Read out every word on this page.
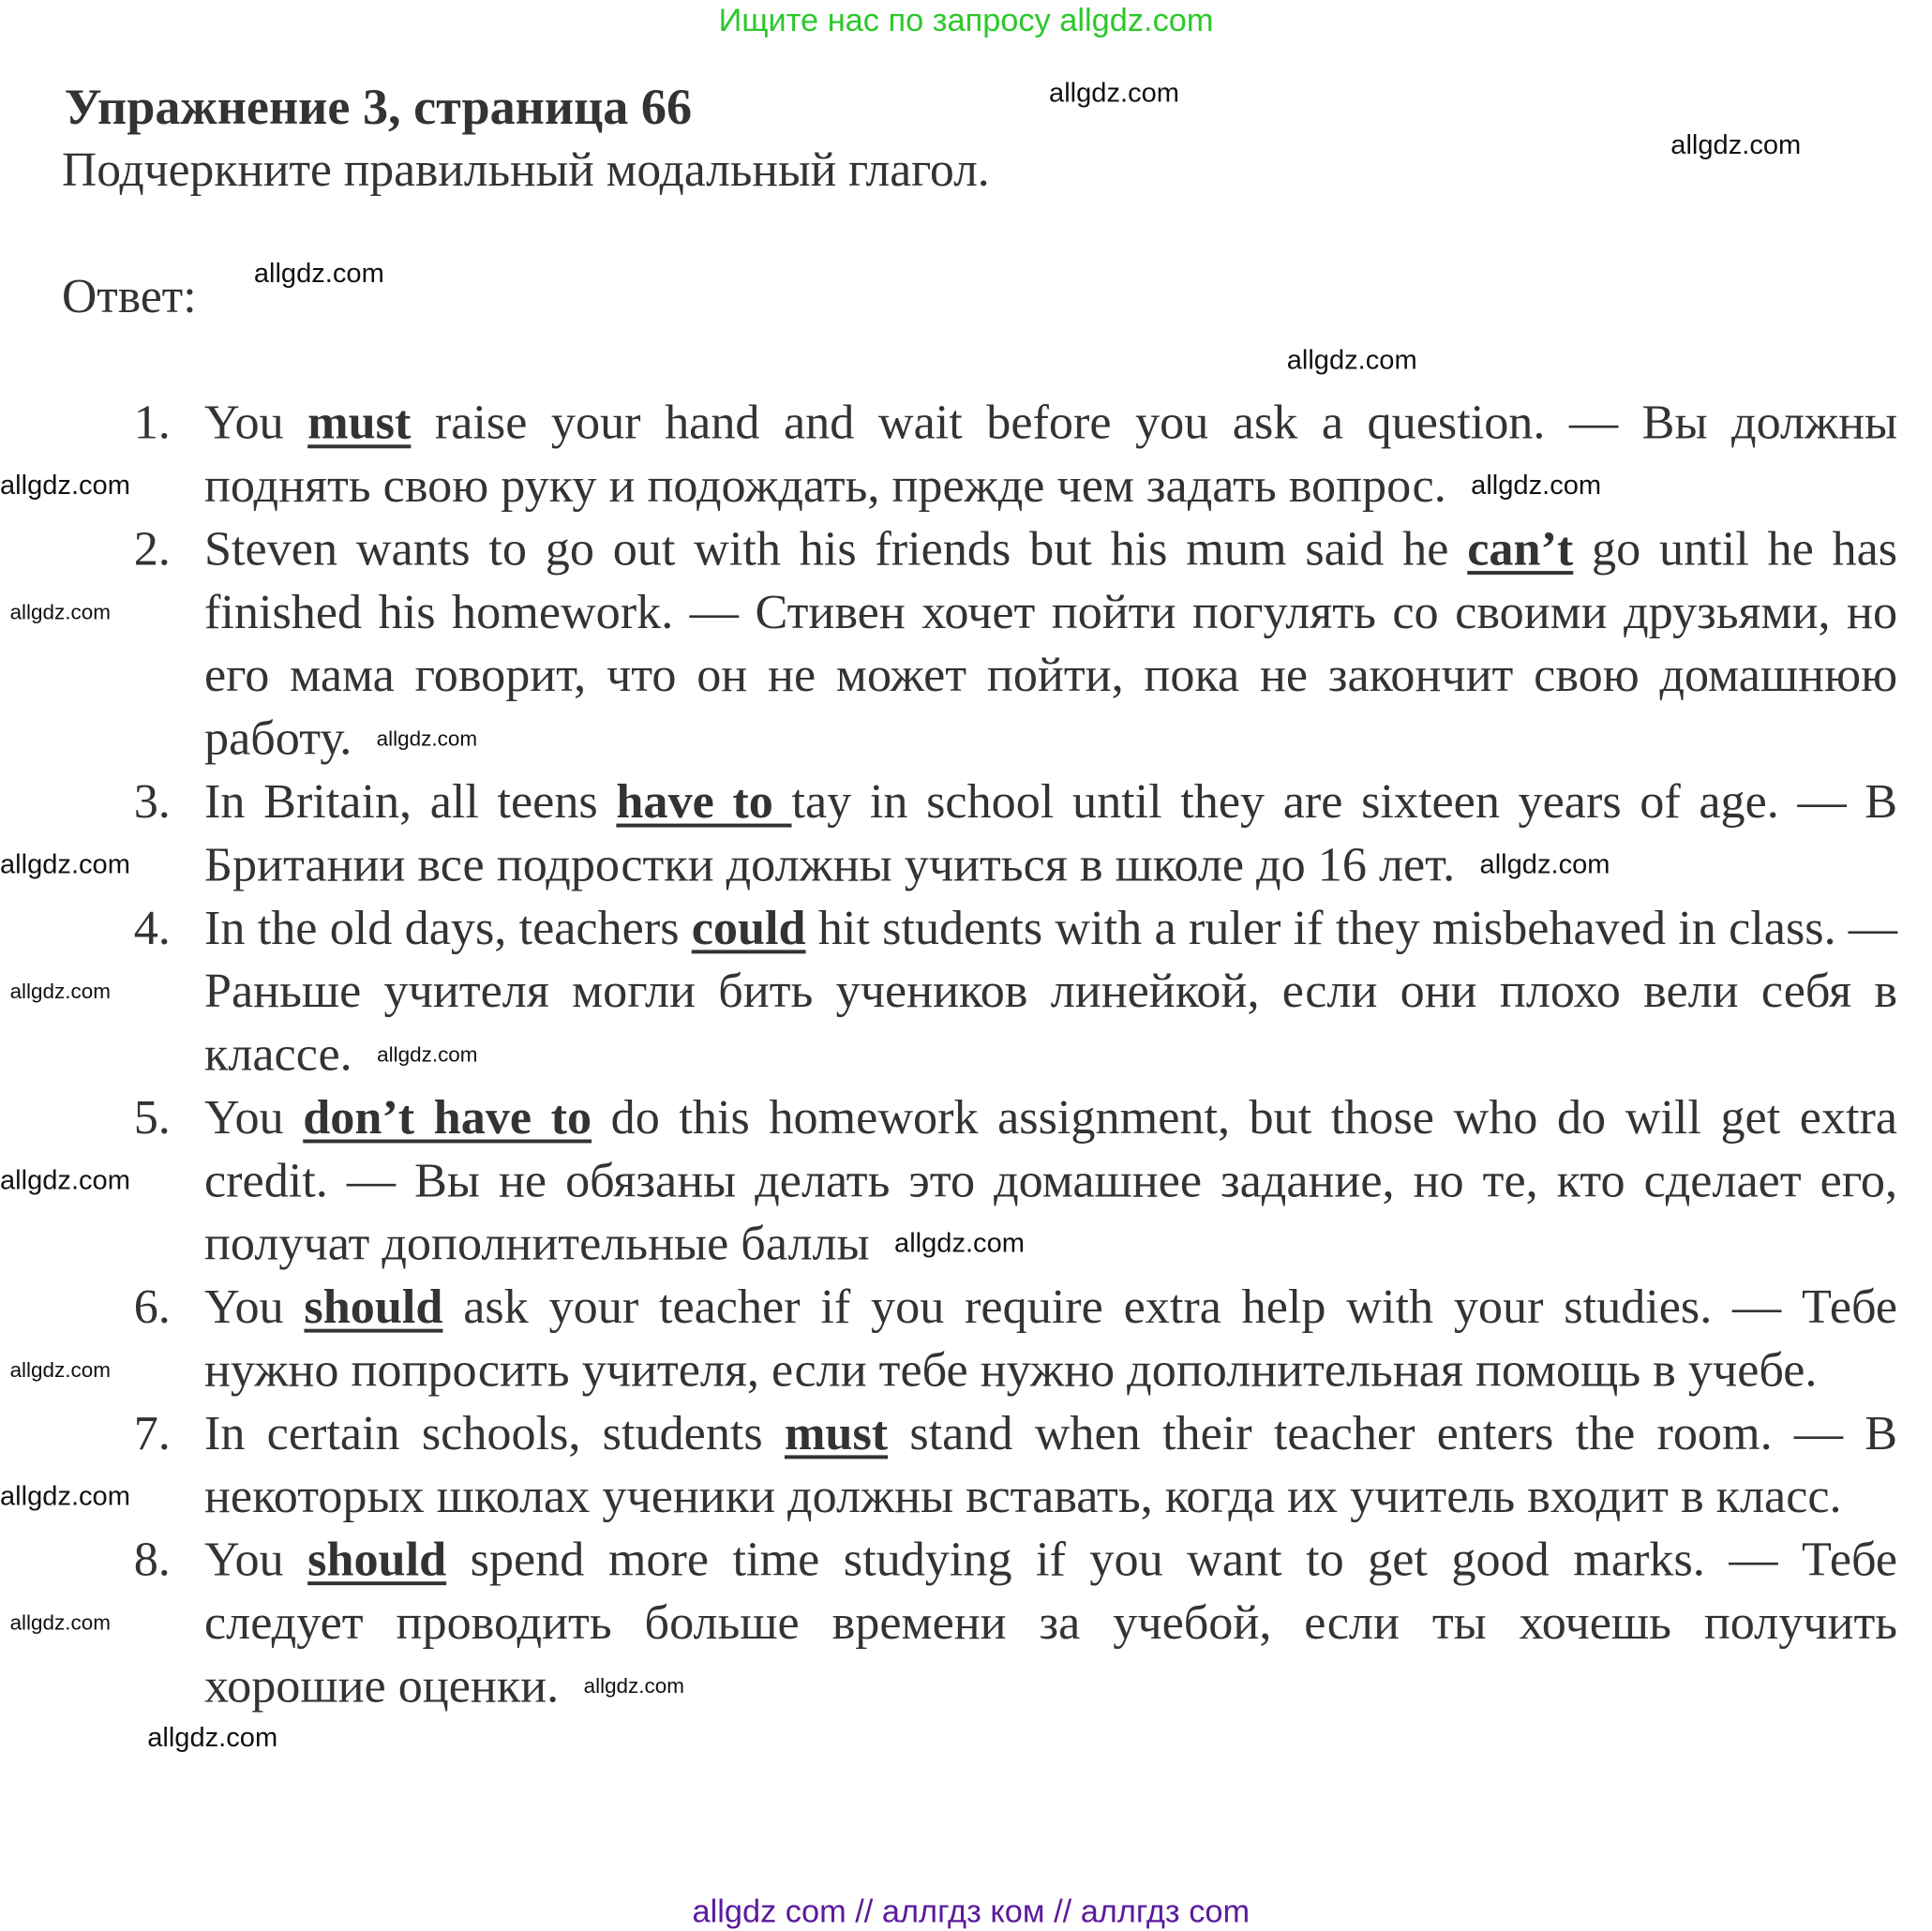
Ищите нас по запросу allgdz.com
Упражнение 3, страница 66
Подчеркните правильный модальный глагол.
Ответ:
1. You must raise your hand and wait before you ask a question. — Вы должны поднять свою руку и подождать, прежде чем задать вопрос.
2. Steven wants to go out with his friends but his mum said he can’t go until he has finished his homework. — Стивен хочет пойти погулять со своими друзьями, но его мама говорит, что он не может пойти, пока не закончит свою домашнюю работу.
3. In Britain, all teens have to tay in school until they are sixteen years of age. — В Британии все подростки должны учиться в школе до 16 лет.
4. In the old days, teachers could hit students with a ruler if they misbehaved in class. — Раньше учителя могли бить учеников линейкой, если они плохо вели себя в классе.
5. You don’t have to do this homework assignment, but those who do will get extra credit. — Вы не обязаны делать это домашнее задание, но те, кто сделает его, получат дополнительные баллы
6. You should ask your teacher if you require extra help with your studies. — Тебе нужно попросить учителя, если тебе нужно дополнительная помощь в учебе.
7. In certain schools, students must stand when their teacher enters the room. — В некоторых школах ученики должны вставать, когда их учитель входит в класс.
8. You should spend more time studying if you want to get good marks. — Тебе следует проводить больше времени за учебой, если ты хочешь получить хорошие оценки.
allgdz.com
allgdz.com
allgdz.com
allgdz.com
allgdz.com	allgdz.com
allgdz.com
allgdz.com
allgdz.com	allgdz.com
allgdz.com
allgdz.com
allgdz.com
allgdz.com
allgdz.com
allgdz.com
allgdz.com
allgdz.com
allgdz.com
allgdz com // аллгдз ком // аллгдз com
